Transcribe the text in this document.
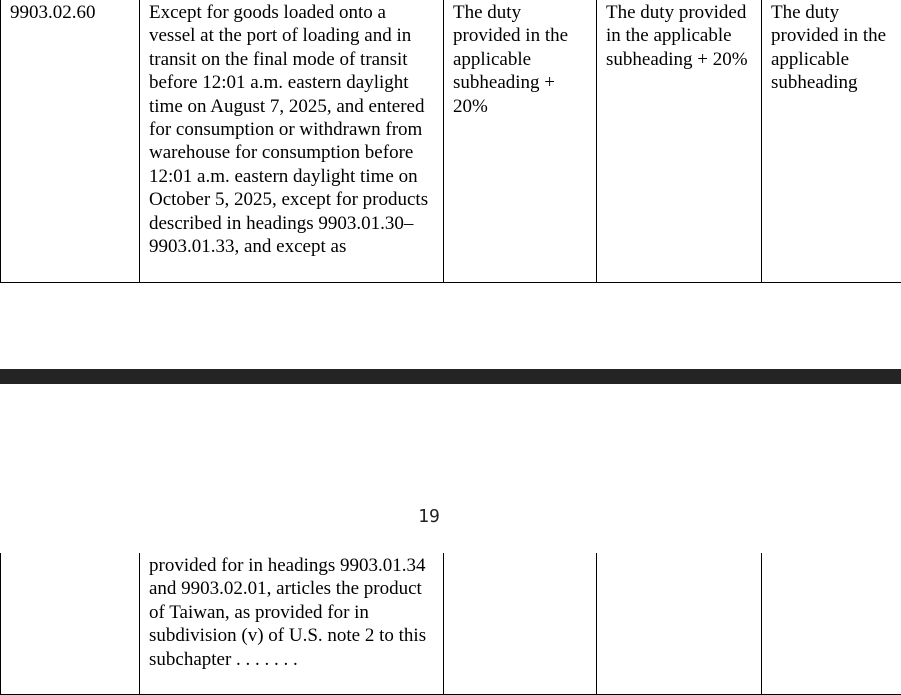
9903.02.60	Except for goods loaded onto a vessel at the port of loading and in transit on the final mode of transit before 12:01 a.m. eastern daylight time on August 7, 2025, and entered for consumption or withdrawn from warehouse for consumption before 12:01 a.m. eastern daylight time on October 5, 2025, except for products described in headings 9903.01.30–9903.01.33, and except as
The duty provided in the applicable subheading + 20%
The duty provided in the applicable subheading + 20%
The duty provided in the applicable subheading
19
provided for in headings 9903.01.34 and 9903.02.01, articles the product of Taiwan, as provided for in subdivision (v) of U.S. note 2 to this subchapter . . . . . . .
